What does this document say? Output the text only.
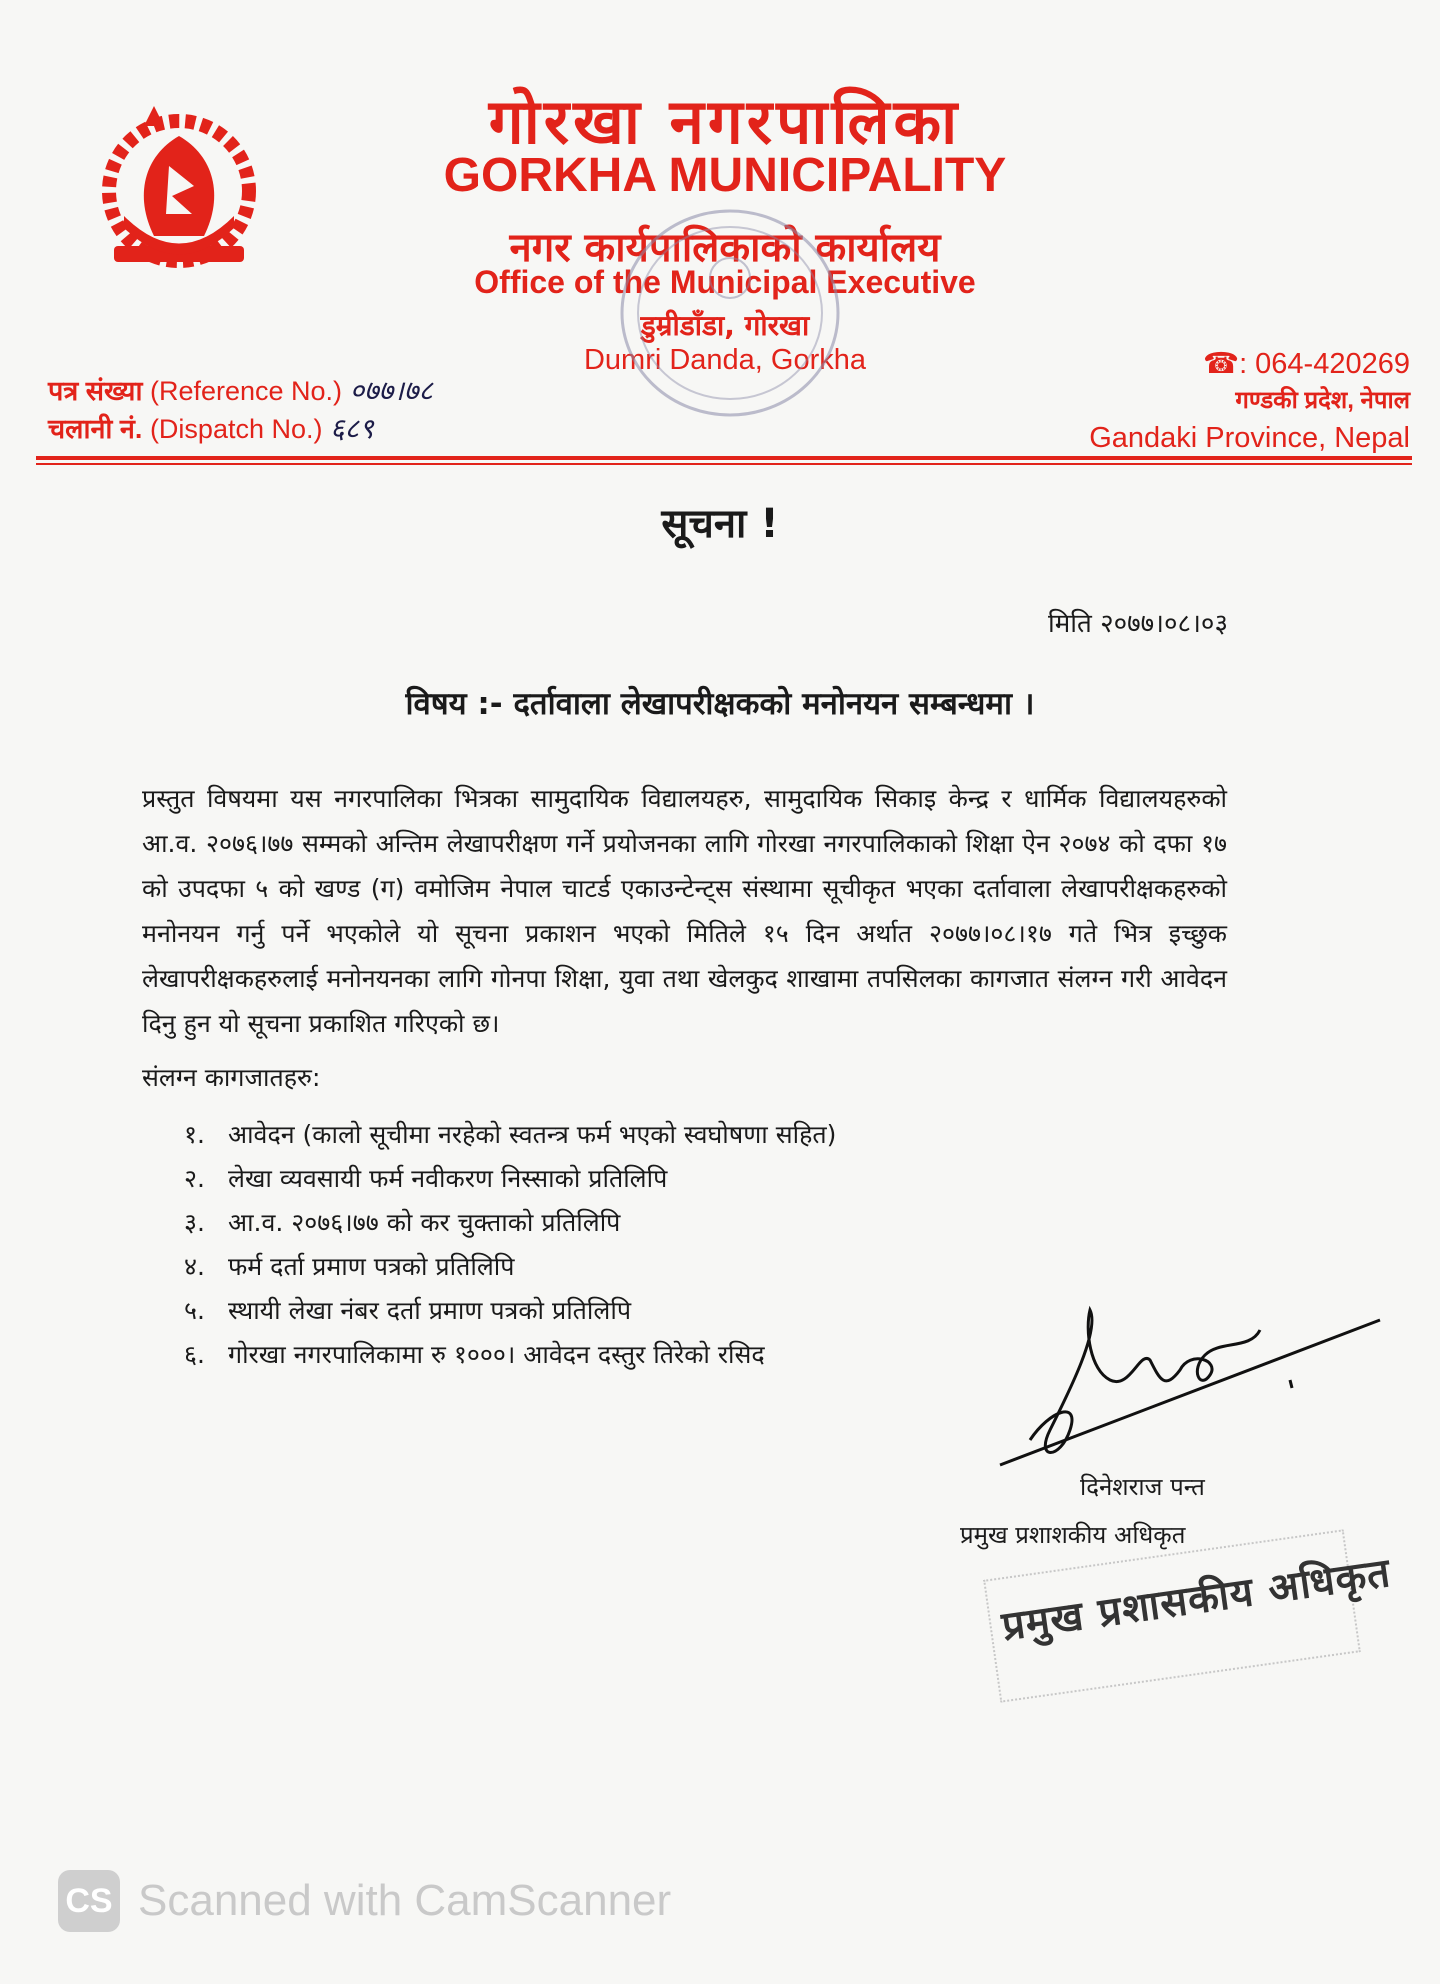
गोरखा नगरपालिका
GORKHA MUNICIPALITY
नगर कार्यपालिकाको कार्यालय
Office of the Municipal Executive
डुम्रीडाँडा, गोरखा
Dumri Danda, Gorkha
पत्र संख्या (Reference No.) ०७७।७८
चलानी नं. (Dispatch No.) ६८९
☎: 064-420269
गण्डकी प्रदेश, नेपाल
Gandaki Province, Nepal
सूचना !
मिति २०७७।०८।०३
विषय :- दर्तावाला लेखापरीक्षकको मनोनयन सम्बन्धमा ।
प्रस्तुत विषयमा यस नगरपालिका भित्रका सामुदायिक विद्यालयहरु, सामुदायिक सिकाइ केन्द्र र धार्मिक विद्यालयहरुको आ.व. २०७६।७७ सम्मको अन्तिम लेखापरीक्षण गर्ने प्रयोजनका लागि गोरखा नगरपालिकाको शिक्षा ऐन २०७४ को दफा १७ को उपदफा ५ को खण्ड (ग) वमोजिम नेपाल चाटर्ड एकाउन्टेन्ट्स संस्थामा सूचीकृत भएका दर्तावाला लेखापरीक्षकहरुको मनोनयन गर्नु पर्ने भएकोले यो सूचना प्रकाशन भएको मितिले १५ दिन अर्थात २०७७।०८।१७ गते भित्र इच्छुक लेखापरीक्षकहरुलाई मनोनयनका लागि गोनपा शिक्षा, युवा तथा खेलकुद शाखामा तपसिलका कागजात संलग्न गरी आवेदन दिनु हुन यो सूचना प्रकाशित गरिएको छ।
संलग्न कागजातहरु:
१. आवेदन (कालो सूचीमा नरहेको स्वतन्त्र फर्म भएको स्वघोषणा सहित)
२. लेखा व्यवसायी फर्म नवीकरण निस्साको प्रतिलिपि
३. आ.व. २०७६।७७ को कर चुक्ताको प्रतिलिपि
४. फर्म दर्ता प्रमाण पत्रको प्रतिलिपि
५. स्थायी लेखा नंबर दर्ता प्रमाण पत्रको प्रतिलिपि
६. गोरखा नगरपालिकामा रु १०००। आवेदन दस्तुर तिरेको रसिद
दिनेशराज पन्त
प्रमुख प्रशाशकीय अधिकृत
प्रमुख प्रशासकीय अधिकृत
CS Scanned with CamScanner
